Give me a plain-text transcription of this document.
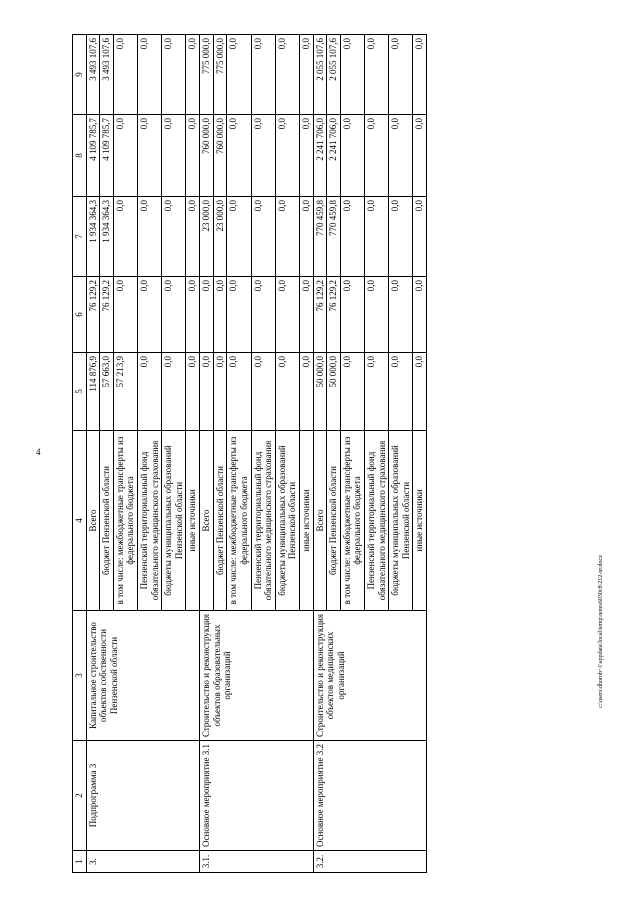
4
c:\users\dhorob~1\appdata\local\temp\notes6030c8\212-nr.docx
1	2	3	4	5	6	7	8	9
3.	Подпрограмма 3	Капитальное строительство объектов собственности Пензенской области	Всего	114 876,9	76 129,2	1 934 364,3	4 109 785,7	3 493 107,6
			бюджет Пензенской области	57 663,0	76 129,2	1 934 364,3	4 109 785,7	3 493 107,6
			в том числе: межбюджетные трансферты из федерального бюджета	57 213,9	0,0	0,0	0,0	0,0
			Пензенский территориальный фонд обязательного медицинского страхования	0,0	0,0	0,0	0,0	0,0
			бюджеты муниципальных образований Пензенской области	0,0	0,0	0,0	0,0	0,0
			иные источники	0,0	0,0	0,0	0,0	0,0
3.1.	Основное мероприятие 3.1	Строительство и реконструкция объектов образовательных организаций	Всего	0,0	0,0	23 000,0	760 000,0	775 000,0
			бюджет Пензенской области	0,0	0,0	23 000,0	760 000,0	775 000,0
			в том числе: межбюджетные трансферты из федерального бюджета	0,0	0,0	0,0	0,0	0,0
			Пензенский территориальный фонд обязательного медицинского страхования	0,0	0,0	0,0	0,0	0,0
			бюджеты муниципальных образований Пензенской области	0,0	0,0	0,0	0,0	0,0
			иные источники	0,0	0,0	0,0	0,0	0,0
3.2.	Основное мероприятие 3.2	Строительство и реконструкция объектов медицинских организаций	Всего	50 000,0	76 129,2	770 459,8	2 241 706,0	2 055 107,6
			бюджет Пензенской области	50 000,0	76 129,2	770 459,8	2 241 706,0	2 055 107,6
			в том числе: межбюджетные трансферты из федерального бюджета	0,0	0,0	0,0	0,0	0,0
			Пензенский территориальный фонд обязательного медицинского страхования	0,0	0,0	0,0	0,0	0,0
			бюджеты муниципальных образований Пензенской области	0,0	0,0	0,0	0,0	0,0
			иные источники	0,0	0,0	0,0	0,0	0,0
